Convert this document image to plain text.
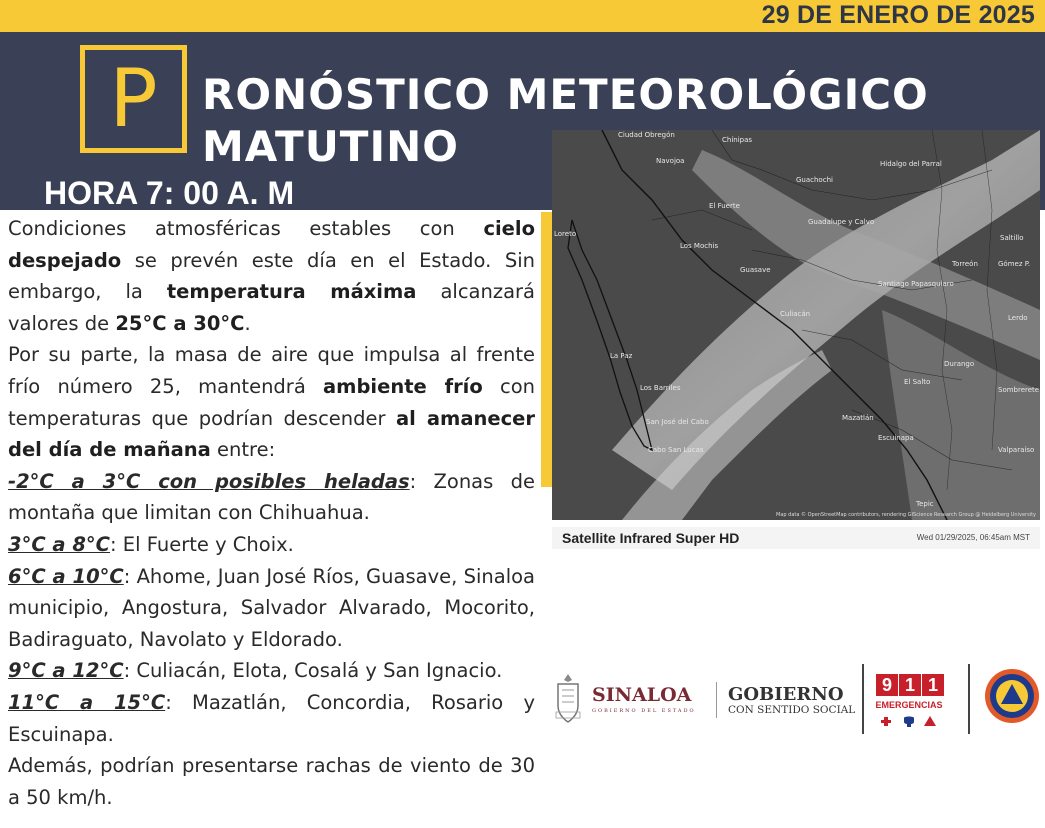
29 DE ENERO DE 2025
P	RONÓSTICO METEOROLÓGICO
MATUTINO
HORA 7: 00 A. M

Condiciones atmosféricas estables con cielo despejado se prevén este día en el Estado. Sin embargo, la temperatura máxima alcanzará valores de 25°C a 30°C.

Por su parte, la masa de aire que impulsa al frente frío número 25, mantendrá ambiente frío con temperaturas que podrían descender al amanecer del día de mañana entre:

-2°C a 3°C con posibles heladas: Zonas de montaña que limitan con Chihuahua.

3°C a 8°C: El Fuerte y Choix.

6°C a 10°C: Ahome, Juan José Ríos, Guasave, Sinaloa municipio, Angostura, Salvador Alvarado, Mocorito, Badiraguato, Navolato y Eldorado.

9°C a 12°C: Culiacán, Elota, Cosalá y San Ignacio.

11°C a 15°C: Mazatlán, Concordia, Rosario y Escuinapa.

Además, podrían presentarse rachas de viento de 30 a 50 km/h.

Ciudad Obregón
Navojoa
Chínipas
Guachochi
Hidalgo del Parral
El Fuerte
Los Mochis
Guadalupe y Calvo
Guasave
Culiacán
La Paz
Los Barriles
San José del Cabo
Cabo San Lucas
Durango
Santiago Papasquiaro
Mazatlán
Escuinapa
Torreón	Gómez P.
Saltillo
El Salto
Sombrerete
Valparaíso
Tepic
Loreto
Lerdo
Map data © OpenStreetMap contributors, rendering GIScience Research Group @ Heidelberg University
Satellite Infrared Super HD	Wed 01/29/2025, 06:45am MST
SINALOA
GOBIERNO DEL ESTADO
GOBIERNO
CON SENTIDO SOCIAL
9 1 1
EMERGENCIAS
